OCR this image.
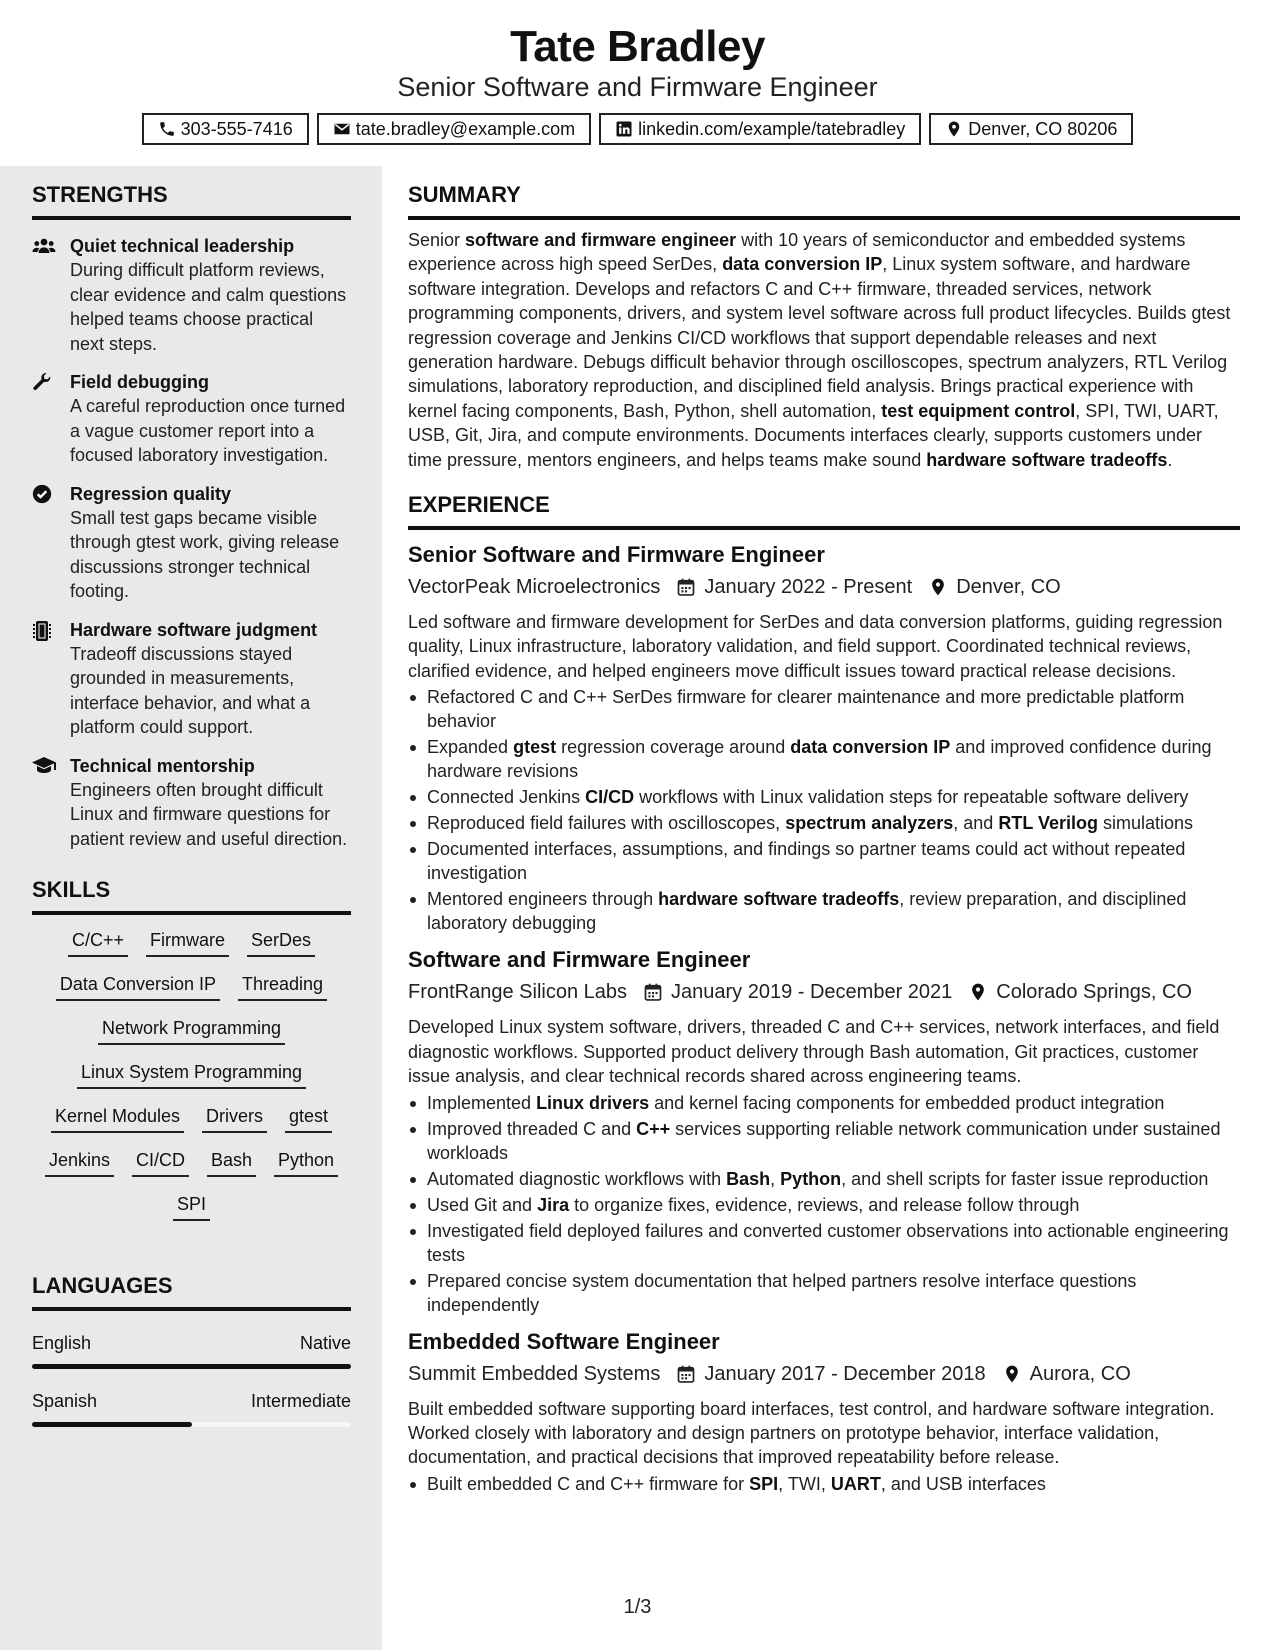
Tate Bradley
Senior Software and Firmware Engineer
303-555-7416	tate.bradley@example.com	linkedin.com/example/tatebradley	Denver, CO 80206
STRENGTHS
Quiet technical leadership
During difficult platform reviews, clear evidence and calm questions helped teams choose practical next steps.
Field debugging
A careful reproduction once turned a vague customer report into a focused laboratory investigation.
Regression quality
Small test gaps became visible through gtest work, giving release discussions stronger technical footing.
Hardware software judgment
Tradeoff discussions stayed grounded in measurements, interface behavior, and what a platform could support.
Technical mentorship
Engineers often brought difficult Linux and firmware questions for patient review and useful direction.
SKILLS
C/C++ Firmware SerDes
Data Conversion IP Threading
Network Programming
Linux System Programming
Kernel Modules Drivers gtest
Jenkins CI/CD Bash Python
SPI
LANGUAGES
English	Native
Spanish	Intermediate
SUMMARY
Senior software and firmware engineer with 10 years of semiconductor and embedded systems experience across high speed SerDes, data conversion IP, Linux system software, and hardware software integration. Develops and refactors C and C++ firmware, threaded services, network programming components, drivers, and system level software across full product lifecycles. Builds gtest regression coverage and Jenkins CI/CD workflows that support dependable releases and next generation hardware. Debugs difficult behavior through oscilloscopes, spectrum analyzers, RTL Verilog simulations, laboratory reproduction, and disciplined field analysis. Brings practical experience with kernel facing components, Bash, Python, shell automation, test equipment control, SPI, TWI, UART, USB, Git, Jira, and compute environments. Documents interfaces clearly, supports customers under time pressure, mentors engineers, and helps teams make sound hardware software tradeoffs.
EXPERIENCE
Senior Software and Firmware Engineer
VectorPeak Microelectronics January 2022 - Present Denver, CO
Led software and firmware development for SerDes and data conversion platforms, guiding regression quality, Linux infrastructure, laboratory validation, and field support. Coordinated technical reviews, clarified evidence, and helped engineers move difficult issues toward practical release decisions.
Refactored C and C++ SerDes firmware for clearer maintenance and more predictable platform behavior
Expanded gtest regression coverage around data conversion IP and improved confidence during hardware revisions
Connected Jenkins CI/CD workflows with Linux validation steps for repeatable software delivery
Reproduced field failures with oscilloscopes, spectrum analyzers, and RTL Verilog simulations
Documented interfaces, assumptions, and findings so partner teams could act without repeated investigation
Mentored engineers through hardware software tradeoffs, review preparation, and disciplined laboratory debugging
Software and Firmware Engineer
FrontRange Silicon Labs January 2019 - December 2021 Colorado Springs, CO
Developed Linux system software, drivers, threaded C and C++ services, network interfaces, and field diagnostic workflows. Supported product delivery through Bash automation, Git practices, customer issue analysis, and clear technical records shared across engineering teams.
Implemented Linux drivers and kernel facing components for embedded product integration
Improved threaded C and C++ services supporting reliable network communication under sustained workloads
Automated diagnostic workflows with Bash, Python, and shell scripts for faster issue reproduction
Used Git and Jira to organize fixes, evidence, reviews, and release follow through
Investigated field deployed failures and converted customer observations into actionable engineering tests
Prepared concise system documentation that helped partners resolve interface questions independently
Embedded Software Engineer
Summit Embedded Systems January 2017 - December 2018 Aurora, CO
Built embedded software supporting board interfaces, test control, and hardware software integration. Worked closely with laboratory and design partners on prototype behavior, interface validation, documentation, and practical decisions that improved repeatability before release.
Built embedded C and C++ firmware for SPI, TWI, UART, and USB interfaces
1/3
